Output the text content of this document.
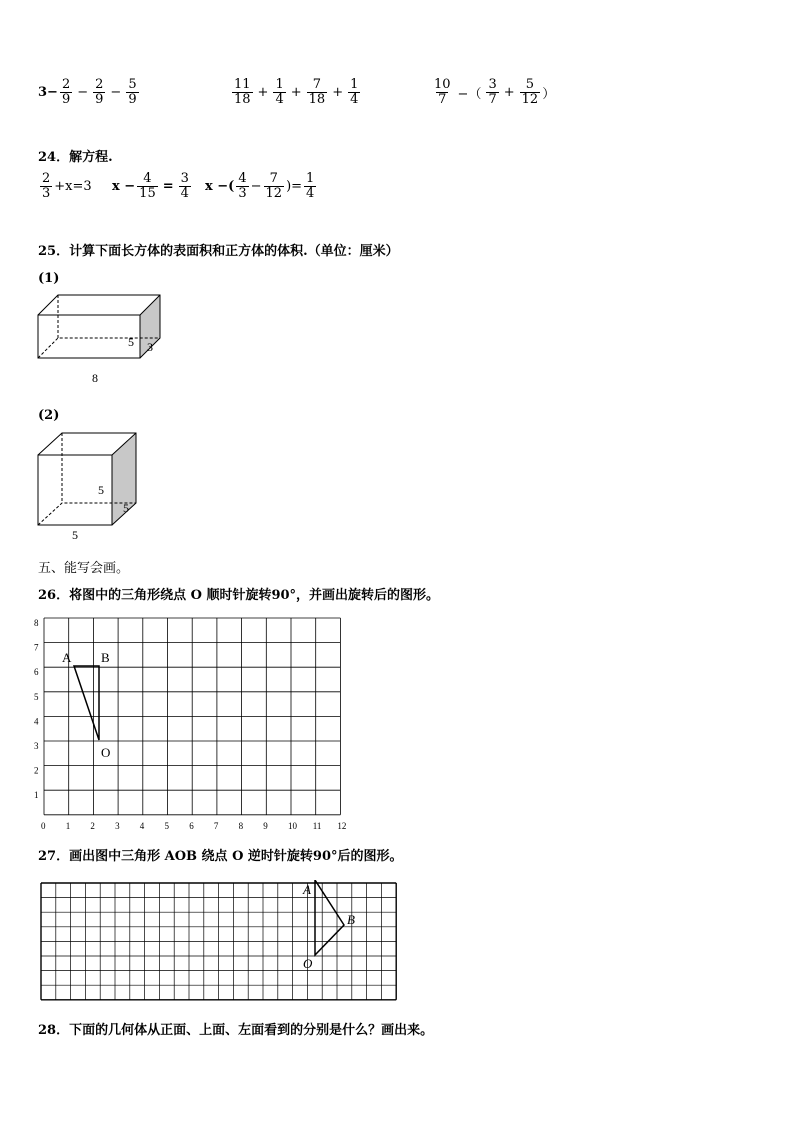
$3- \frac{2}{9} - \frac{2}{9} - \frac{5}{9}$	$\frac{11}{18} + \frac{1}{4} + \frac{7}{18} + \frac{1}{4}$	$\frac{10}{7}$ −（ $\frac{3}{7} + \frac{5}{12}$ ）
24．解方程.
$\frac{2}{3} +x=3$ $x - \frac{4}{15} = \frac{3}{4}$ x −( $\frac{4}{3} - \frac{7}{12}$ )= $\frac{1}{4}$
25．计算下面长方体的表面积和正方体的体积.（单位：厘米）
(1)
8
5 3
(2)
5
5
5
五、能写会画。
26．将图中的三角形绕点 O 顺时针旋转90°，并画出旋转后的图形。
0 1 2 3 4 5 6 7 8 9 10 11 12
1
2
3
4
5
6
7
8
A B
O
27．画出图中三角形 AOB 绕点 O 逆时针旋转90°后的图形。
A
B
O
28．下面的几何体从正面、上面、左面看到的分别是什么？画出来。
